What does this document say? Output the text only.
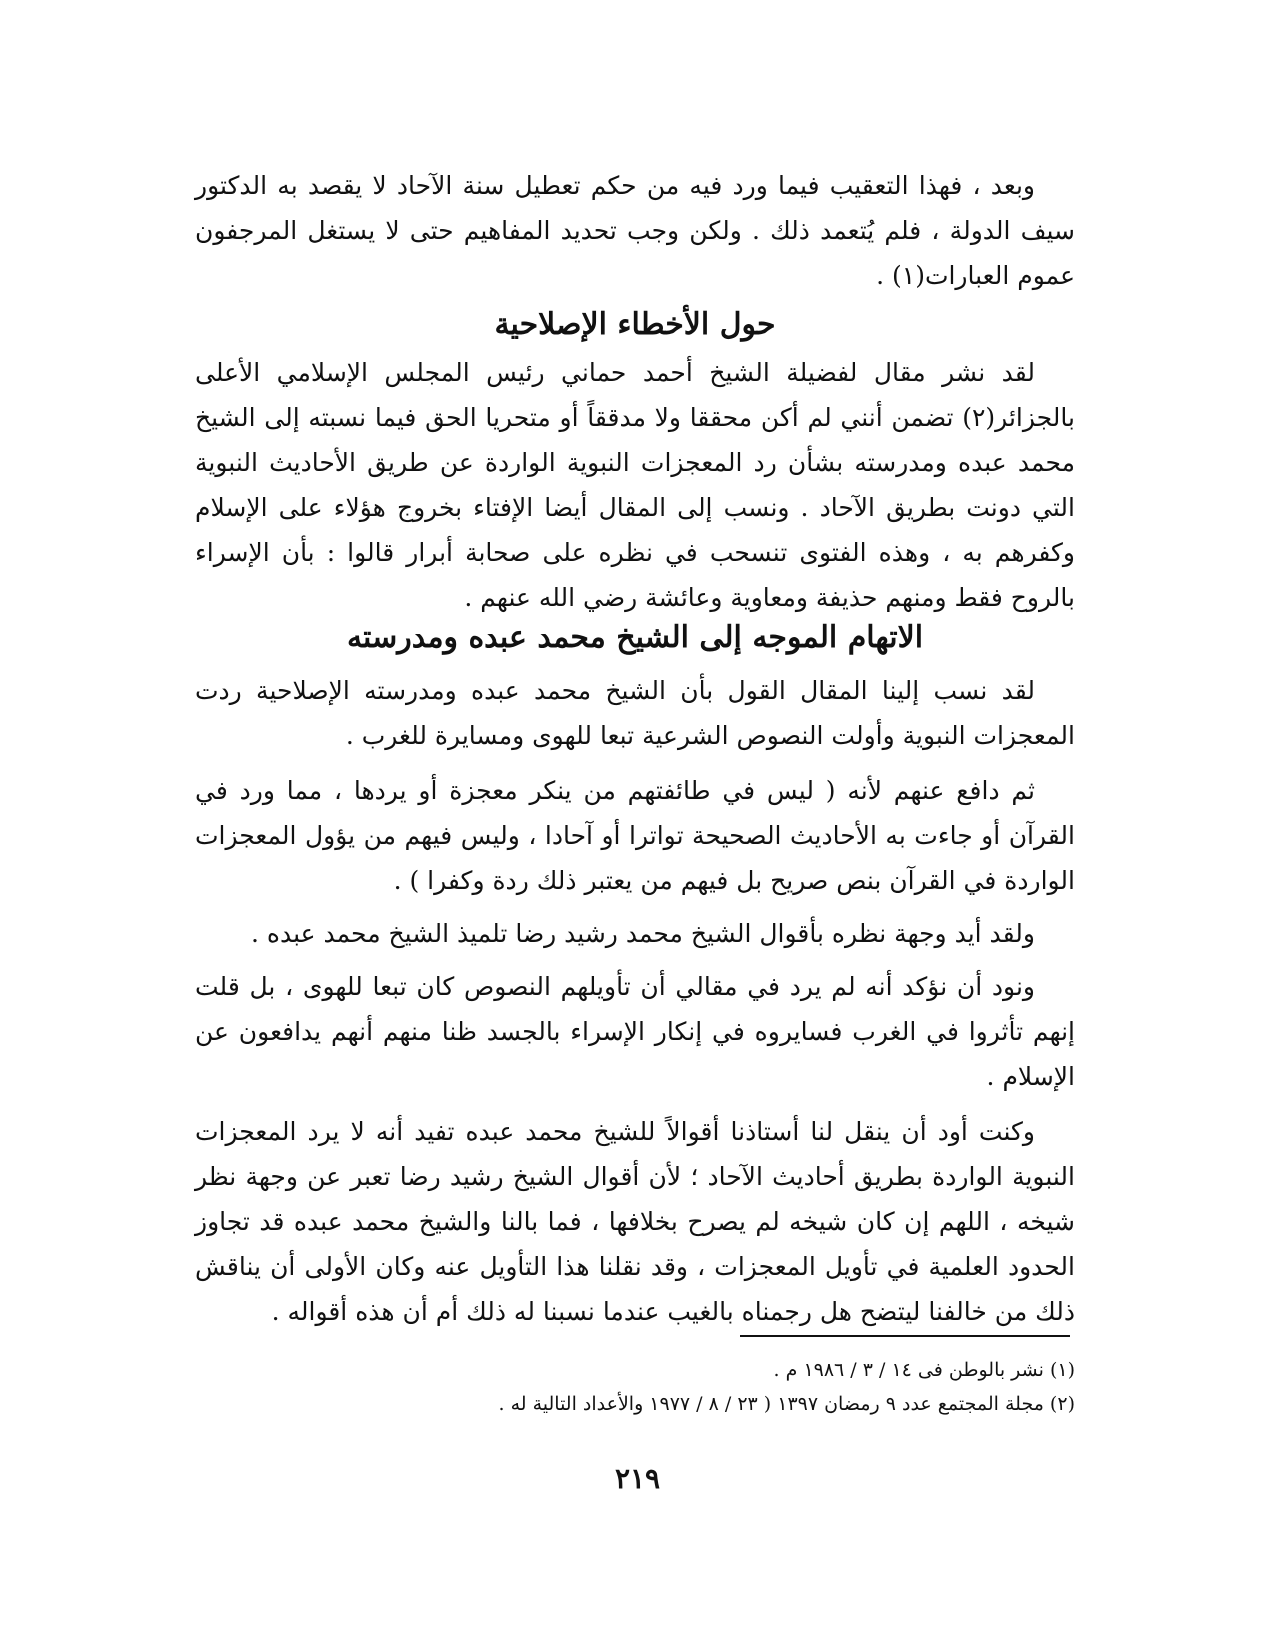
وبعد ، فهذا التعقيب فيما ورد فيه من حكم تعطيل سنة الآحاد لا يقصد به الدكتور سيف الدولة ، فلم يُتعمد ذلك . ولكن وجب تحديد المفاهيم حتى لا يستغل المرجفون عموم العبارات(١) .

حول الأخطاء الإصلاحية

لقد نشر مقال لفضيلة الشيخ أحمد حماني رئيس المجلس الإسلامي الأعلى بالجزائر(٢) تضمن أنني لم أكن محققا ولا مدققاً أو متحريا الحق فيما نسبته إلى الشيخ محمد عبده ومدرسته بشأن رد المعجزات النبوية الواردة عن طريق الأحاديث النبوية التي دونت بطريق الآحاد . ونسب إلى المقال أيضا الإفتاء بخروج هؤلاء على الإسلام وكفرهم به ، وهذه الفتوى تنسحب في نظره على صحابة أبرار قالوا : بأن الإسراء بالروح فقط ومنهم حذيفة ومعاوية وعائشة رضي الله عنهم .

الاتهام الموجه إلى الشيخ محمد عبده ومدرسته

لقد نسب إلينا المقال القول بأن الشيخ محمد عبده ومدرسته الإصلاحية ردت المعجزات النبوية وأولت النصوص الشرعية تبعا للهوى ومسايرة للغرب .

ثم دافع عنهم لأنه ( ليس في طائفتهم من ينكر معجزة أو يردها ، مما ورد في القرآن أو جاءت به الأحاديث الصحيحة تواترا أو آحادا ، وليس فيهم من يؤول المعجزات الواردة في القرآن بنص صريح بل فيهم من يعتبر ذلك ردة وكفرا ) .

ولقد أيد وجهة نظره بأقوال الشيخ محمد رشيد رضا تلميذ الشيخ محمد عبده .

ونود أن نؤكد أنه لم يرد في مقالي أن تأويلهم النصوص كان تبعا للهوى ، بل قلت إنهم تأثروا في الغرب فسايروه في إنكار الإسراء بالجسد ظنا منهم أنهم يدافعون عن الإسلام .

وكنت أود أن ينقل لنا أستاذنا أقوالاً للشيخ محمد عبده تفيد أنه لا يرد المعجزات النبوية الواردة بطريق أحاديث الآحاد ؛ لأن أقوال الشيخ رشيد رضا تعبر عن وجهة نظر شيخه ، اللهم إن كان شيخه لم يصرح بخلافها ، فما بالنا والشيخ محمد عبده قد تجاوز الحدود العلمية في تأويل المعجزات ، وقد نقلنا هذا التأويل عنه وكان الأولى أن يناقش ذلك من خالفنا ليتضح هل رجمناه بالغيب عندما نسبنا له ذلك أم أن هذه أقواله .

(١) نشر بالوطن فى ١٤ / ٣ / ١٩٨٦ م .

(٢) مجلة المجتمع عدد ٩ رمضان ١٣٩٧ ( ٢٣ / ٨ / ١٩٧٧ والأعداد التالية له .

٢١٩
